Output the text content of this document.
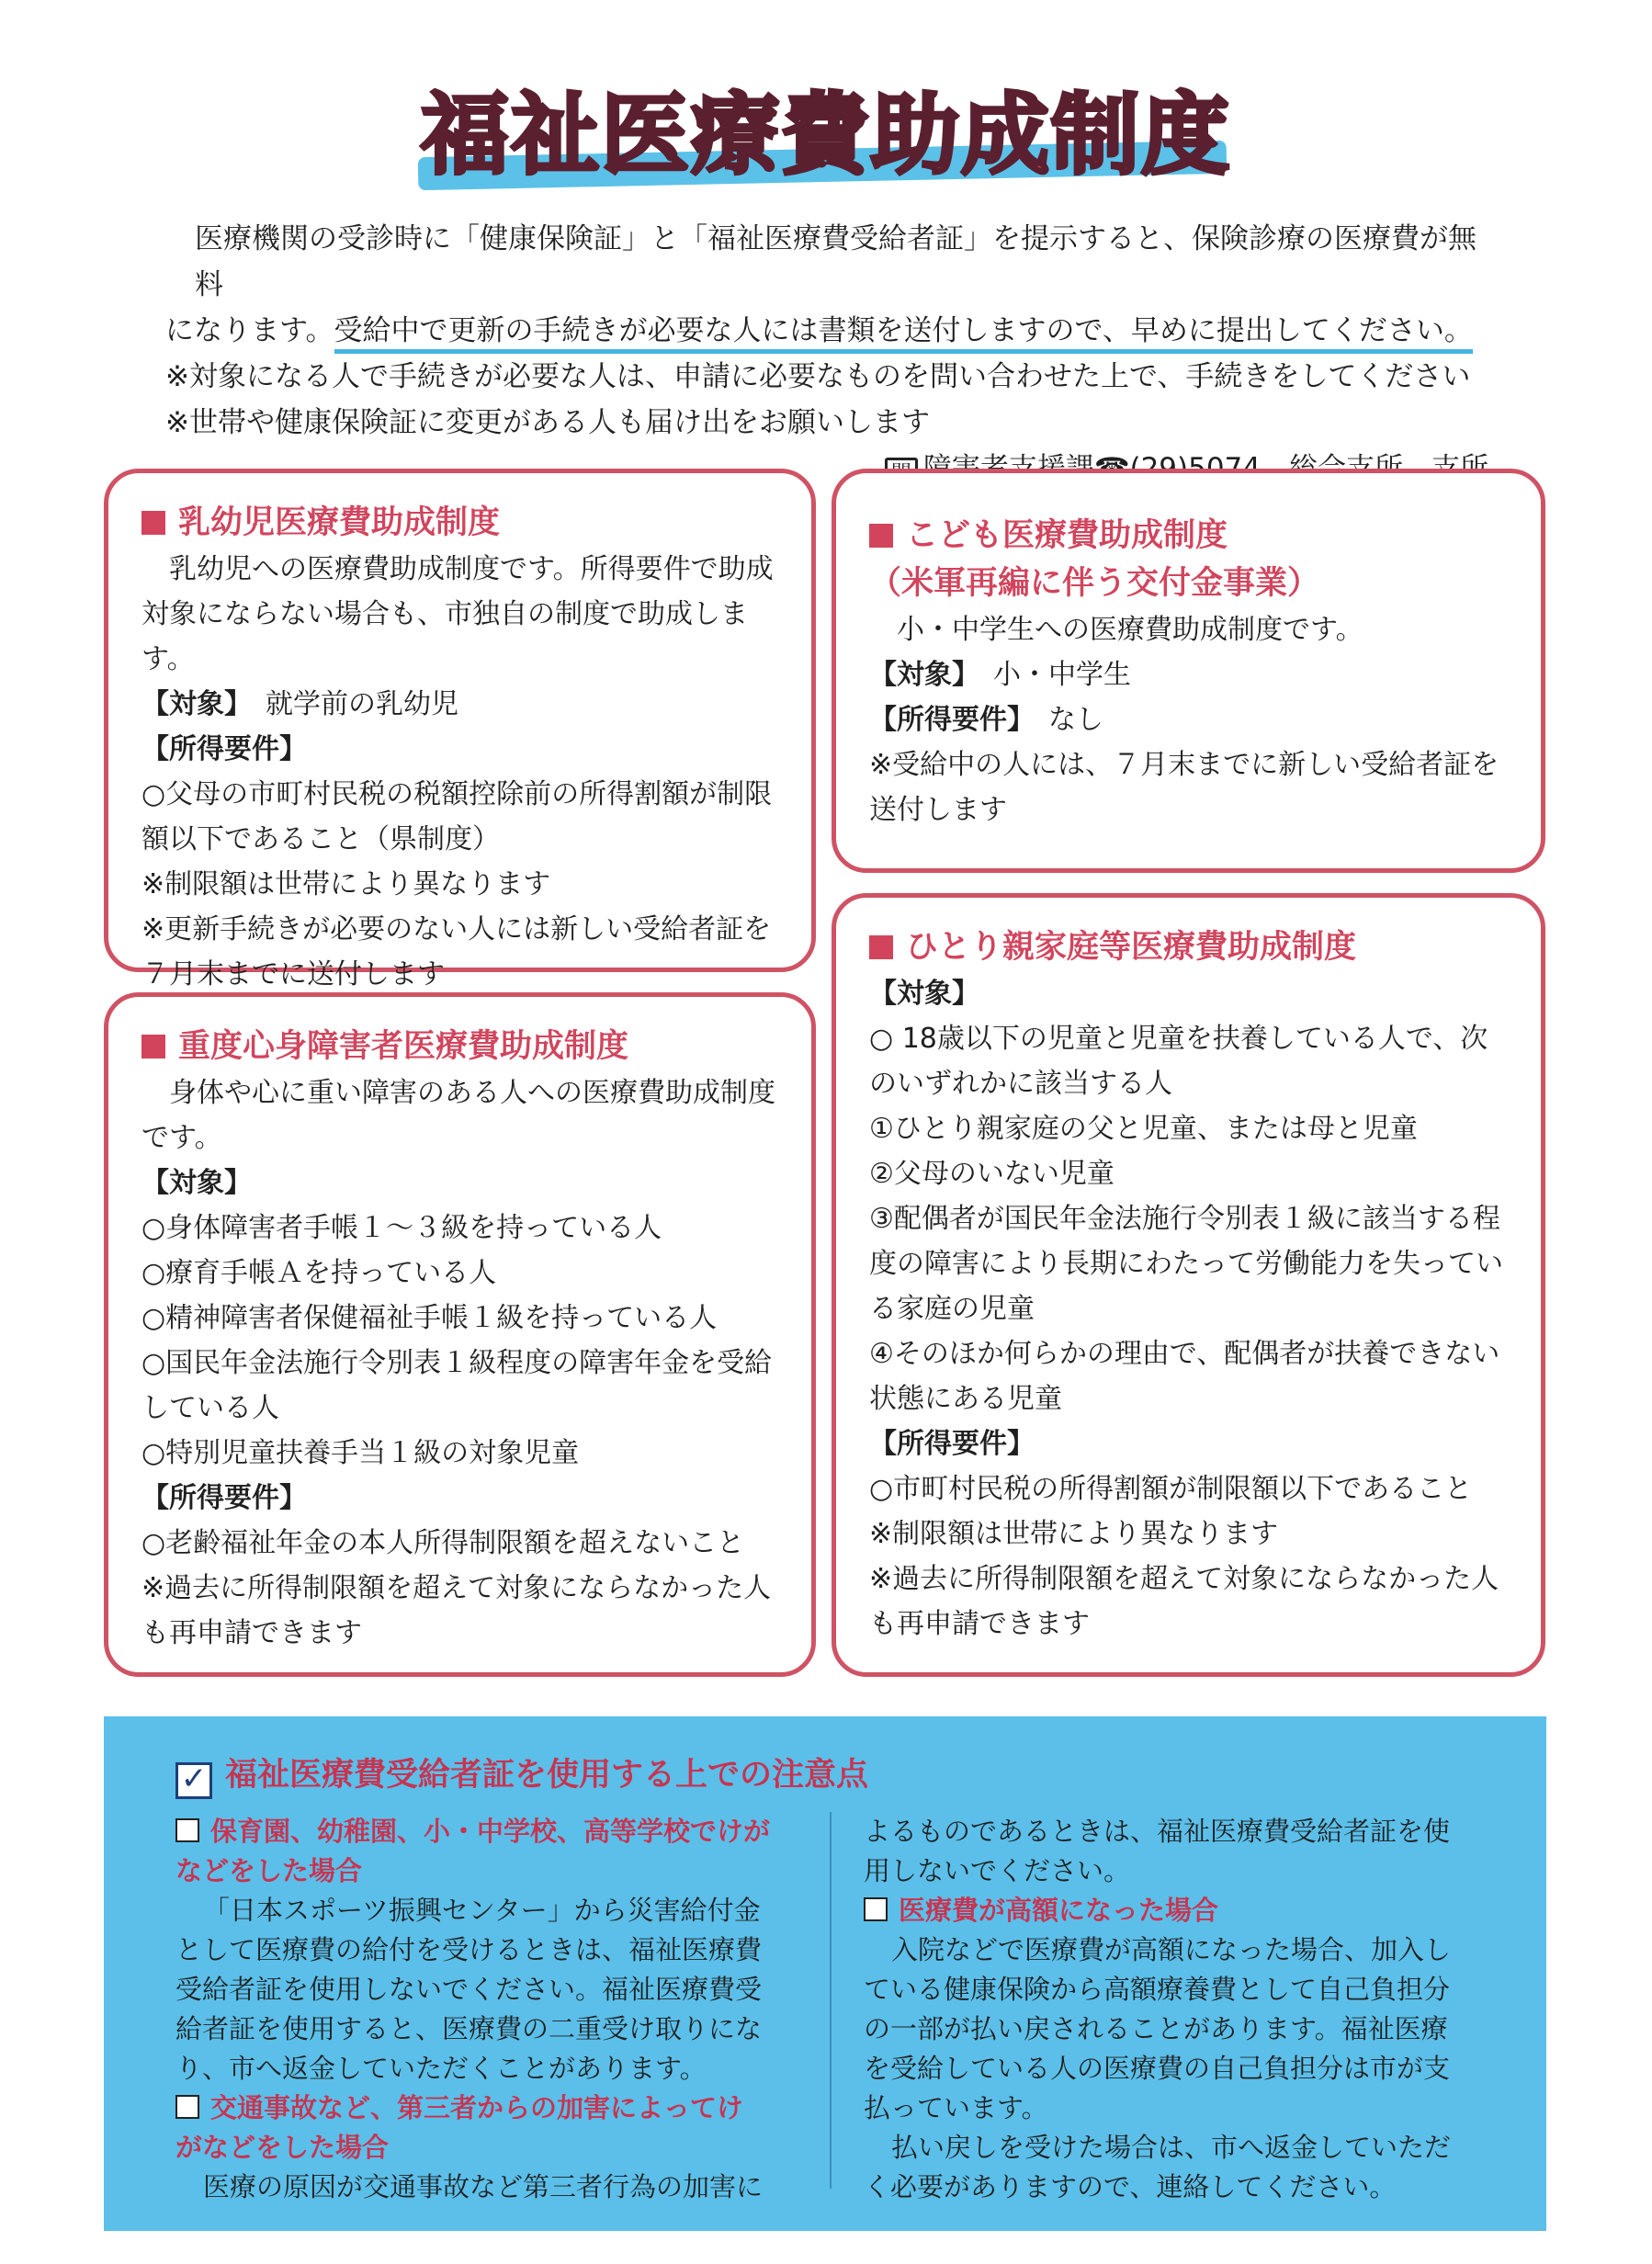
福祉医療費助成制度

医療機関の受診時に「健康保険証」と「福祉医療費受給者証」を提示すると、保険診療の医療費が無料

になります。受給中で更新の手続きが必要な人には書類を送付しますので、早めに提出してください。

※対象になる人で手続きが必要な人は、申請に必要なものを問い合わせた上で、手続きをしてください

※世帯や健康保険証に変更がある人も届け出をお願いします

乳幼児医療費助成制度

乳幼児への医療費助成制度です。所得要件で助成

対象にならない場合も、市独自の制度で助成します。

【対象】　 就学前の乳幼児

【所得要件】

○父母の市町村民税の税額控除前の所得割額が制限

額以下であること（県制度）

※制限額は世帯により異なります

※更新手続きが必要のない人には新しい受給者証を

７月末までに送付します

こども医療費助成制度

（米軍再編に伴う交付金事業）

小・中学生への医療費助成制度です。

【対象】　 小・中学生

【所得要件】　 なし

※受給中の人には、７月末までに新しい受給者証を

送付します

重度心身障害者医療費助成制度

身体や心に重い障害のある人への医療費助成制度

です。

【対象】

○身体障害者手帳１～３級を持っている人

○療育手帳Ａを持っている人

○精神障害者保健福祉手帳１級を持っている人

○国民年金法施行令別表１級程度の障害年金を受給

している人

○特別児童扶養手当１級の対象児童

【所得要件】

○老齢福祉年金の本人所得制限額を超えないこと

※過去に所得制限額を超えて対象にならなかった人

も再申請できます

ひとり親家庭等医療費助成制度

【対象】

○ 18歳以下の児童と児童を扶養している人で、次

のいずれかに該当する人

①ひとり親家庭の父と児童、または母と児童

②父母のいない児童

③配偶者が国民年金法施行令別表１級に該当する程

度の障害により長期にわたって労働能力を失ってい

る家庭の児童

④そのほか何らかの理由で、配偶者が扶養できない

状態にある児童

【所得要件】

○市町村民税の所得割額が制限額以下であること

※制限額は世帯により異なります

※過去に所得制限額を超えて対象にならなかった人

も再申請できます

✓ 福祉医療費受給者証を使用する上での注意点

保育園、幼稚園、小・中学校、高等学校でけが

などをした場合

「日本スポーツ振興センター」から災害給付金

として医療費の給付を受けるときは、福祉医療費

受給者証を使用しないでください。福祉医療費受

給者証を使用すると、医療費の二重受け取りにな

り、市へ返金していただくことがあります。

交通事故など、第三者からの加害によってけ

がなどをした場合

医療の原因が交通事故など第三者行為の加害に

よるものであるときは、福祉医療費受給者証を使

用しないでください。

医療費が高額になった場合

入院などで医療費が高額になった場合、加入し

ている健康保険から高額療養費として自己負担分

の一部が払い戻されることがあります。福祉医療

を受給している人の医療費の自己負担分は市が支

払っています。

払い戻しを受けた場合は、市へ返金していただ

く必要がありますので、連絡してください。
